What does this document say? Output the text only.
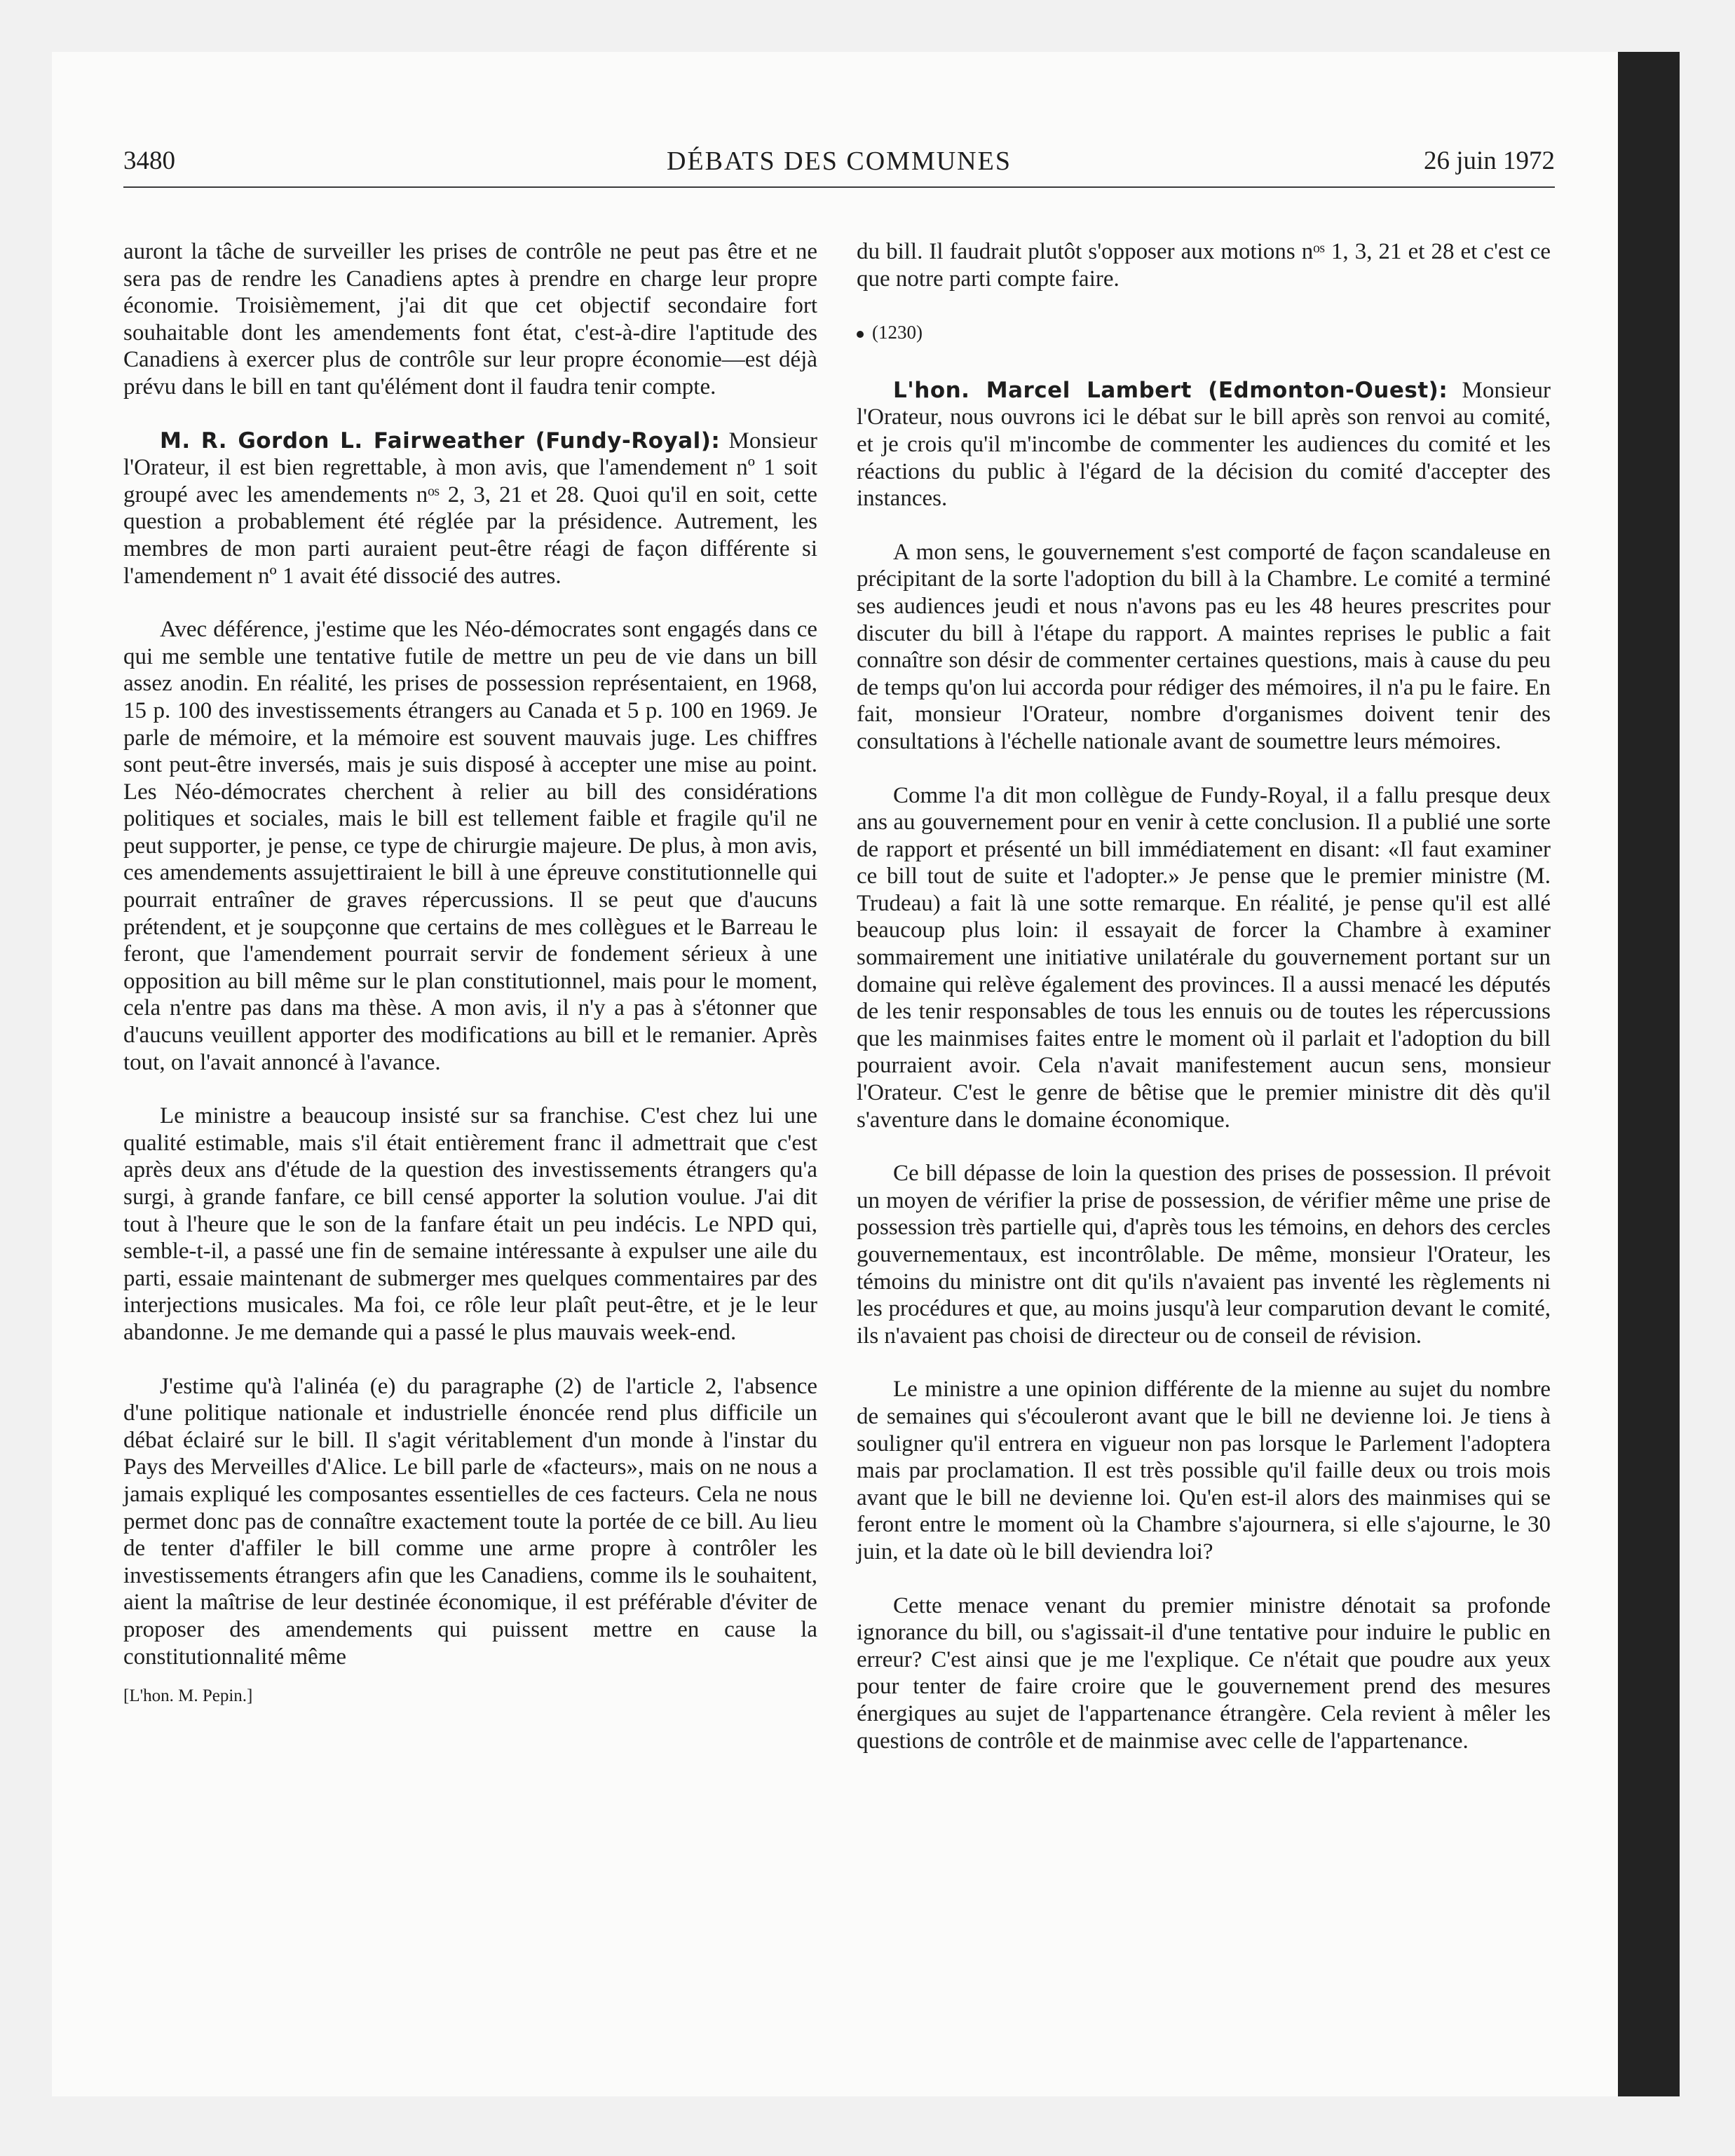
3480	DÉBATS DES COMMUNES	26 juin 1972

auront la tâche de surveiller les prises de contrôle ne peut pas être et ne sera pas de rendre les Canadiens aptes à prendre en charge leur propre économie. Troisièmement, j'ai dit que cet objectif secondaire fort souhaitable dont les amendements font état, c'est-à-dire l'aptitude des Canadiens à exercer plus de contrôle sur leur propre économie—est déjà prévu dans le bill en tant qu'élément dont il faudra tenir compte.

M. R. Gordon L. Fairweather (Fundy-Royal): Monsieur l'Orateur, il est bien regrettable, à mon avis, que l'amendement nº 1 soit groupé avec les amendements nᵒˢ 2, 3, 21 et 28. Quoi qu'il en soit, cette question a probablement été réglée par la présidence. Autrement, les membres de mon parti auraient peut-être réagi de façon différente si l'amendement nº 1 avait été dissocié des autres.

Avec déférence, j'estime que les Néo-démocrates sont engagés dans ce qui me semble une tentative futile de mettre un peu de vie dans un bill assez anodin. En réalité, les prises de possession représentaient, en 1968, 15 p. 100 des investissements étrangers au Canada et 5 p. 100 en 1969. Je parle de mémoire, et la mémoire est souvent mauvais juge. Les chiffres sont peut-être inversés, mais je suis disposé à accepter une mise au point. Les Néo-démocrates cherchent à relier au bill des considérations politiques et sociales, mais le bill est tellement faible et fragile qu'il ne peut supporter, je pense, ce type de chirurgie majeure. De plus, à mon avis, ces amendements assujettiraient le bill à une épreuve constitutionnelle qui pourrait entraîner de graves répercussions. Il se peut que d'aucuns prétendent, et je soupçonne que certains de mes collègues et le Barreau le feront, que l'amendement pourrait servir de fondement sérieux à une opposition au bill même sur le plan constitutionnel, mais pour le moment, cela n'entre pas dans ma thèse. A mon avis, il n'y a pas à s'étonner que d'aucuns veuillent apporter des modifications au bill et le remanier. Après tout, on l'avait annoncé à l'avance.

Le ministre a beaucoup insisté sur sa franchise. C'est chez lui une qualité estimable, mais s'il était entièrement franc il admettrait que c'est après deux ans d'étude de la question des investissements étrangers qu'a surgi, à grande fanfare, ce bill censé apporter la solution voulue. J'ai dit tout à l'heure que le son de la fanfare était un peu indécis. Le NPD qui, semble-t-il, a passé une fin de semaine intéressante à expulser une aile du parti, essaie maintenant de submerger mes quelques commentaires par des interjections musicales. Ma foi, ce rôle leur plaît peut-être, et je le leur abandonne. Je me demande qui a passé le plus mauvais week-end.

J'estime qu'à l'alinéa (e) du paragraphe (2) de l'article 2, l'absence d'une politique nationale et industrielle énoncée rend plus difficile un débat éclairé sur le bill. Il s'agit véritablement d'un monde à l'instar du Pays des Merveilles d'Alice. Le bill parle de «facteurs», mais on ne nous a jamais expliqué les composantes essentielles de ces facteurs. Cela ne nous permet donc pas de connaître exactement toute la portée de ce bill. Au lieu de tenter d'affiler le bill comme une arme propre à contrôler les investissements étrangers afin que les Canadiens, comme ils le souhaitent, aient la maîtrise de leur destinée économique, il est préférable d'éviter de proposer des amendements qui puissent mettre en cause la constitutionnalité même

[L'hon. M. Pepin.]

du bill. Il faudrait plutôt s'opposer aux motions nᵒˢ 1, 3, 21 et 28 et c'est ce que notre parti compte faire.

(1230)

L'hon. Marcel Lambert (Edmonton-Ouest): Monsieur l'Orateur, nous ouvrons ici le débat sur le bill après son renvoi au comité, et je crois qu'il m'incombe de commenter les audiences du comité et les réactions du public à l'égard de la décision du comité d'accepter des instances.

A mon sens, le gouvernement s'est comporté de façon scandaleuse en précipitant de la sorte l'adoption du bill à la Chambre. Le comité a terminé ses audiences jeudi et nous n'avons pas eu les 48 heures prescrites pour discuter du bill à l'étape du rapport. A maintes reprises le public a fait connaître son désir de commenter certaines questions, mais à cause du peu de temps qu'on lui accorda pour rédiger des mémoires, il n'a pu le faire. En fait, monsieur l'Orateur, nombre d'organismes doivent tenir des consultations à l'échelle nationale avant de soumettre leurs mémoires.

Comme l'a dit mon collègue de Fundy-Royal, il a fallu presque deux ans au gouvernement pour en venir à cette conclusion. Il a publié une sorte de rapport et présenté un bill immédiatement en disant: «Il faut examiner ce bill tout de suite et l'adopter.» Je pense que le premier ministre (M. Trudeau) a fait là une sotte remarque. En réalité, je pense qu'il est allé beaucoup plus loin: il essayait de forcer la Chambre à examiner sommairement une initiative unilatérale du gouvernement portant sur un domaine qui relève également des provinces. Il a aussi menacé les députés de les tenir responsables de tous les ennuis ou de toutes les répercussions que les mainmises faites entre le moment où il parlait et l'adoption du bill pourraient avoir. Cela n'avait manifestement aucun sens, monsieur l'Orateur. C'est le genre de bêtise que le premier ministre dit dès qu'il s'aventure dans le domaine économique.

Ce bill dépasse de loin la question des prises de possession. Il prévoit un moyen de vérifier la prise de possession, de vérifier même une prise de possession très partielle qui, d'après tous les témoins, en dehors des cercles gouvernementaux, est incontrôlable. De même, monsieur l'Orateur, les témoins du ministre ont dit qu'ils n'avaient pas inventé les règlements ni les procédures et que, au moins jusqu'à leur comparution devant le comité, ils n'avaient pas choisi de directeur ou de conseil de révision.

Le ministre a une opinion différente de la mienne au sujet du nombre de semaines qui s'écouleront avant que le bill ne devienne loi. Je tiens à souligner qu'il entrera en vigueur non pas lorsque le Parlement l'adoptera mais par proclamation. Il est très possible qu'il faille deux ou trois mois avant que le bill ne devienne loi. Qu'en est-il alors des mainmises qui se feront entre le moment où la Chambre s'ajournera, si elle s'ajourne, le 30 juin, et la date où le bill deviendra loi?

Cette menace venant du premier ministre dénotait sa profonde ignorance du bill, ou s'agissait-il d'une tentative pour induire le public en erreur? C'est ainsi que je me l'explique. Ce n'était que poudre aux yeux pour tenter de faire croire que le gouvernement prend des mesures énergiques au sujet de l'appartenance étrangère. Cela revient à mêler les questions de contrôle et de mainmise avec celle de l'appartenance.
